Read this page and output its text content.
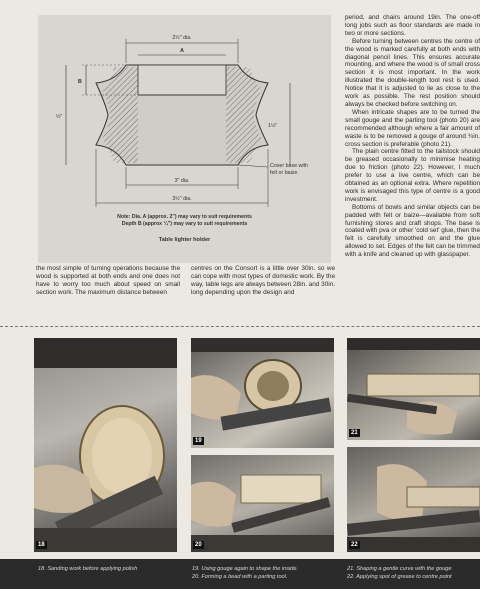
2½" dia.
A
B
½"
1½"
3" dia.
Cover base with
felt or baize
3½" dia.
Note: Dia. A (approx. 2") may vary to suit requirements
Depth B (approx ¼") may vary to suit requirements
Table lighter holder

the most simple of turning operations because the wood is supported at both ends and one does not have to worry too much about speed on small section work. The maximum distance between

centres on the Consort is a little over 30in. so we can cope with most types of domestic work. By the way, table legs are always between 28in. and 30in. long depending upon the design and

period, and chairs around 19in. The one-off long jobs such as floor standards are made in two or more sections.

Before turning between centres the centre of the wood is marked carefully at both ends with diagonal pencil lines. This ensures accurate mounting, and where the wood is of small cross section it is most important. In the work illustrated the double-length tool rest is used. Notice that it is adjusted to lie as close to the work as possible. The rest position should always be checked before switching on.

When intricate shapes are to be turned the small gouge and the parting tool (photo 20) are recommended although where a fair amount of waste is to be removed a gouge of around ¾in. cross section is preferable (photo 21).

The plain centre fitted to the tailstock should be greased occasionally to minimise heating due to friction (photo 22). However, I much prefer to use a live centre, which can be obtained as an optional extra. Where repetition work is envisaged this type of centre is a good investment.

Bottoms of bowls and similar objects can be padded with felt or baize—available from soft furnishing stores and craft shops. The base is coated with pva or other 'cold set' glue, then the felt is carefully smoothed on and the glue allowed to set. Edges of the felt can be trimmed with a knife and cleaned up with glasspaper.

18
19
20
21
22
18. Sanding work before applying polish	19. Using gouge again to shape the inside.
20. Forming a bead with a parting tool.
21. Shaping a gentle curve with the gouge
22. Applying spot of grease to centre point
